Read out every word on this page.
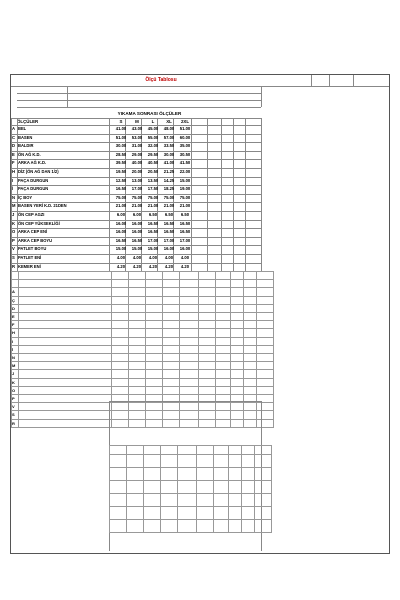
Ölçü Tablosu
YIKAMA SONRASI ÖLÇÜLER
ÖLÇÜLER	S	M	L	XL	2XL
A BEL	41.00	43.00	45.00	48.00	51.00
C BASEN	51.00	53.00	55.00	57.00	60.00
D BALDIR	30.00	31.00	32.00	33.50	35.00
E ÖN AĞ K.D.	28.50	29.00	29.50	30.00	30.50
F ARKA AĞ K.D.	39.50	40.00	40.50	41.00	41.50
H DİZ (ÖN AĞ DAN 1/2)	19.50	20.00	20.50	21.25	22.00
I	PAÇA DURGUN	12.50	13.00	13.50	14.25	15.00
İ	PAÇA DURGUN	16.50	17.00	17.50	18.25	19.00
N İÇ BOY	75.00	75.00	75.00	75.00	75.00
M BASEN YERİ K.D. 21DEN	21.00	21.00	21.00	21.00	21.00
J ÖN CEP AGZI	6.00	6.00	6.50	6.50	6.50
K ÖN CEP YÜKSEKLİĞİ	16.00	16.00	16.50	16.50	16.50
O ARKA CEP ENİ	16.00	16.00	16.50	16.50	16.50
P ARKA CEP BOYU	16.50	16.50	17.00	17.00	17.00
V PATLET BOYU	15.00	15.00	15.00	16.00	16.00
S PATLET ENİ	4.00	4.00	4.00	4.00	4.00
R KEMER ENİ	4.20	4.20	4.20	4.20	4.20

A											
Ç											
D											
E											
F											
H											
I											
İ											
N											
M											
J											
K											
O											
P											
V											
S											
R											
